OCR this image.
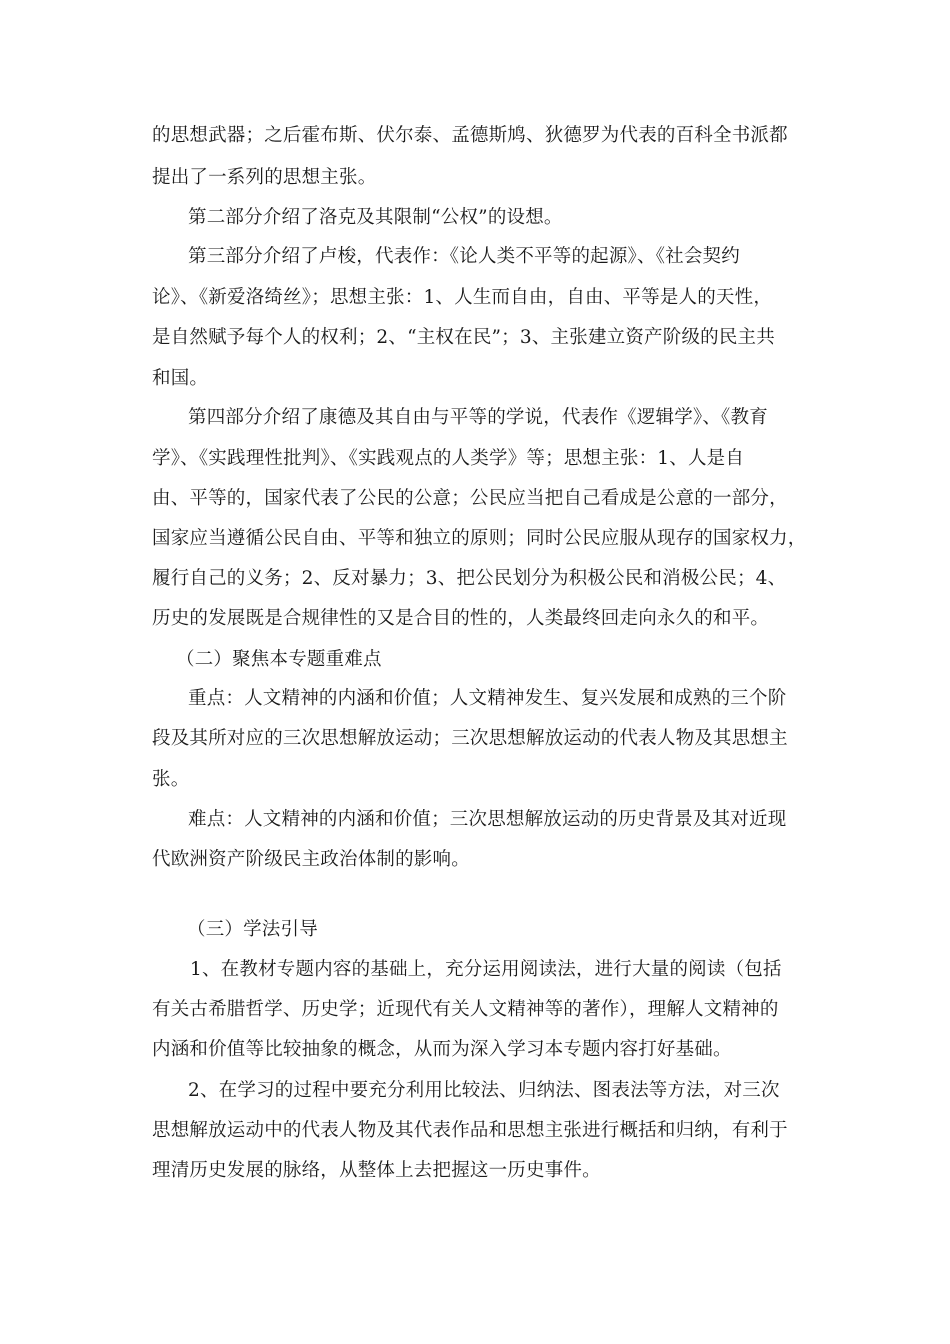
的思想武器；之后霍布斯、伏尔泰、孟德斯鸠、狄德罗为代表的百科全书派都
提出了一系列的思想主张。
第二部分介绍了洛克及其限制“公权”的设想。
第三部分介绍了卢梭，代表作：《论人类不平等的起源》、《社会契约
论》、《新爱洛绮丝》；思想主张：1、人生而自由，自由、平等是人的天性，
是自然赋予每个人的权利；2、“主权在民”；3、主张建立资产阶级的民主共
和国。
第四部分介绍了康德及其自由与平等的学说，代表作《逻辑学》、《教育
学》、《实践理性批判》、《实践观点的人类学》等；思想主张：1、人是自
由、平等的，国家代表了公民的公意；公民应当把自己看成是公意的一部分，
国家应当遵循公民自由、平等和独立的原则；同时公民应服从现存的国家权力，
履行自己的义务；2、反对暴力；3、把公民划分为积极公民和消极公民；4、
历史的发展既是合规律性的又是合目的性的，人类最终回走向永久的和平。
（二）聚焦本专题重难点
重点：人文精神的内涵和价值；人文精神发生、复兴发展和成熟的三个阶
段及其所对应的三次思想解放运动；三次思想解放运动的代表人物及其思想主
张。
难点：人文精神的内涵和价值；三次思想解放运动的历史背景及其对近现
代欧洲资产阶级民主政治体制的影响。
（三）学法引导
1、在教材专题内容的基础上，充分运用阅读法，进行大量的阅读（包括
有关古希腊哲学、历史学；近现代有关人文精神等的著作），理解人文精神的
内涵和价值等比较抽象的概念，从而为深入学习本专题内容打好基础。
2、在学习的过程中要充分利用比较法、归纳法、图表法等方法，对三次
思想解放运动中的代表人物及其代表作品和思想主张进行概括和归纳，有利于
理清历史发展的脉络，从整体上去把握这一历史事件。
